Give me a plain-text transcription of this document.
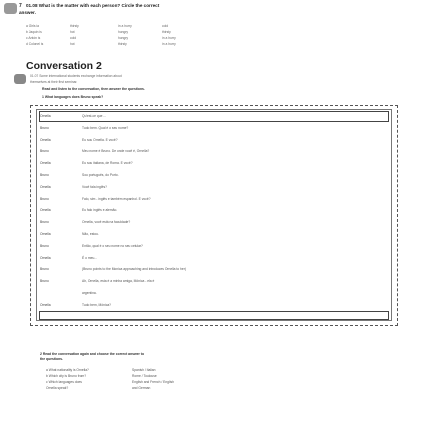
7 01.08 What is the matter with each person? Circle the correct
answer.
a Girls ia	thirsty	in a hurry	cold
b Jaquin is	hot	hungry	thirsty
c Antón is	cold	hungry	in a hurry
d Colonel is	hot	thirsty	in a hurry
Conversation 2
01.07 Some international students exchange information about
themselves at their first seminar.
Read and listen to the conversation, then answer the questions.
1 What languages does Bruno speak?
Ornella	Qu'est-ce que ...
Bruno	Tudo bem. Qual é o seu nome?
Ornella	Eu sou Ornella. E você?
Bruno	Meu nome é Bruno. De onde você é, Ornella?
Ornella	Eu sou italiana, de Roma. E você?
Bruno	Sou português, do Porto.
Ornella	Você fala inglês?
Bruno	Falo, sim - inglês e também espanhol. E você?
Ornella	Eu falo inglês e alemão.
Bruno	Ornella, você está na faculdade?
Ornella	Não, estou.
Bruno	Então, qual é o seu nome no seu celular?
Ornella	É o meu...
Bruno	(Bruno points to the Monica approaching and introduces Ornella to her)
Bruno	Ah, Ornella, esta é a minha amiga, Mônica - ela é
argentina.
Ornella	Tudo bem, Mônica?
2 Read the conversation again and choose the correct answer to
the questions.
a What nationality is Ornella?	Spanish / Italian
b Which city is Bruno from?	Rome / Toulouse
c Which languages does	English and French / English
Ornella speak?	and German
